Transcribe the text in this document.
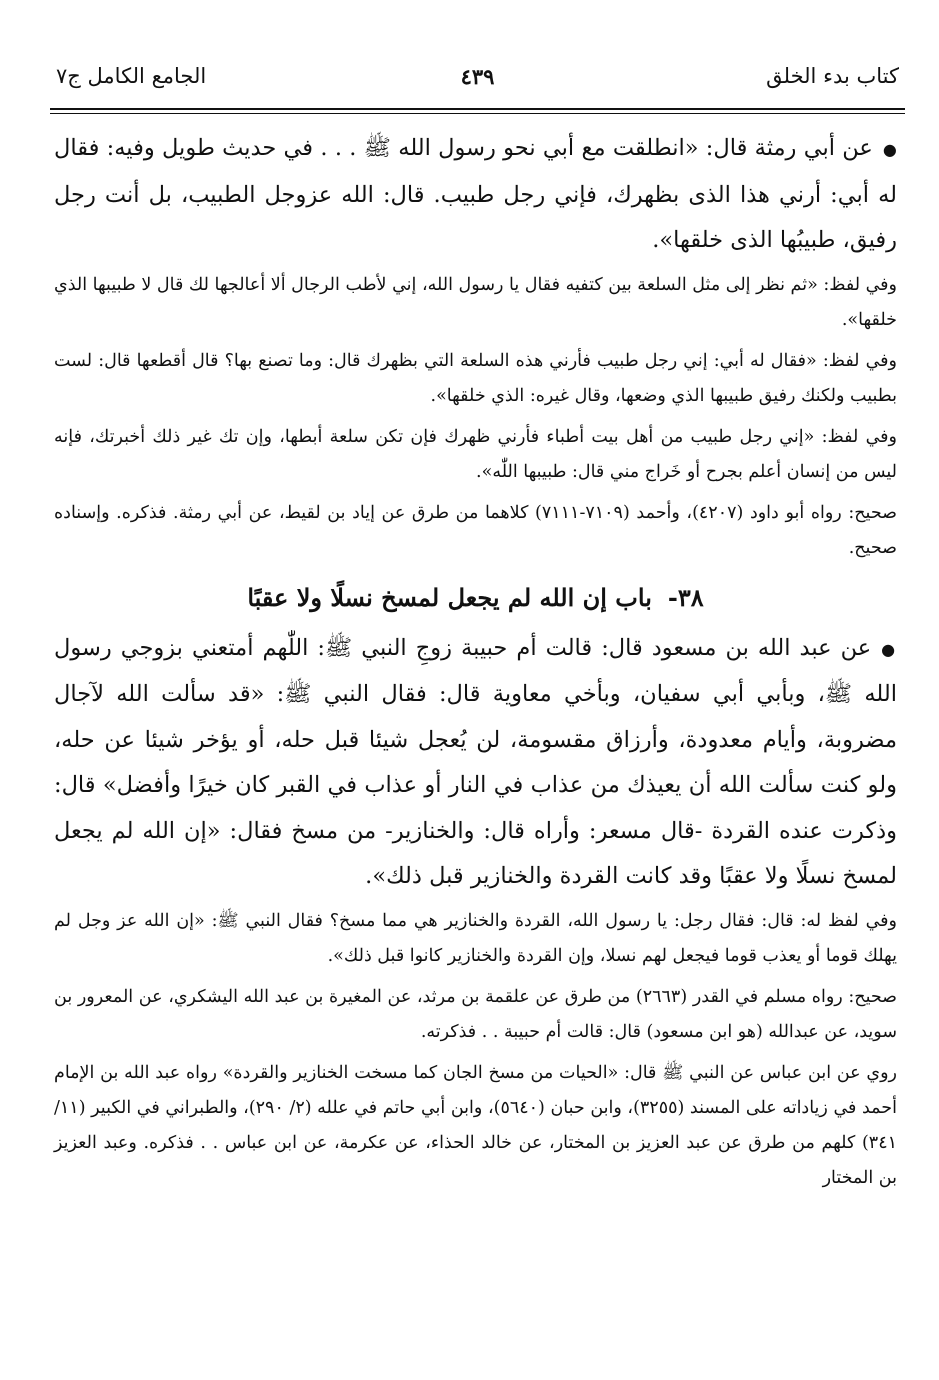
الجامع الكامل ج٧	٤٣٩	كتاب بدء الخلق

●عن أبي رمثة قال: «انطلقت مع أبي نحو رسول الله ﷺ . . . في حديث طويل وفيه: فقال له أبي: أرني هذا الذى بظهرك، فإني رجل طبيب. قال: الله عزوجل الطبيب، بل أنت رجل رفيق، طبيبُها الذى خلقها».

وفي لفظ: «ثم نظر إلى مثل السلعة بين كتفيه فقال يا رسول الله، إني لأطب الرجال ألا أعالجها لك قال لا طبيبها الذي خلقها».

وفي لفظ: «فقال له أبي: إني رجل طبيب فأرني هذه السلعة التي بظهرك قال: وما تصنع بها؟ قال أقطعها قال: لست بطبيب ولكنك رفيق طبيبها الذي وضعها، وقال غيره: الذي خلقها».

وفي لفظ: «إني رجل طبيب من أهل بيت أطباء فأرني ظهرك فإن تكن سلعة أبطها، وإن تك غير ذلك أخبرتك، فإنه ليس من إنسان أعلم بجرح أو خَراج مني قال: طبيبها اللّٰه».

صحيح: رواه أبو داود (٤٢٠٧)، وأحمد (٧١٠٩-٧١١١) كلاهما من طرق عن إياد بن لقيط، عن أبي رمثة. فذكره. وإسناده صحيح.

٣٨-باب إن الله لم يجعل لمسخ نسلًا ولا عقبًا

●عن عبد الله بن مسعود قال: قالت أم حبيبة زوجِ النبي ﷺ: اللّٰهم أمتعني بزوجي رسول الله ﷺ، وبأبي أبي سفيان، وبأخي معاوية قال: فقال النبي ﷺ: «قد سألت الله لآجال مضروبة، وأيام معدودة، وأرزاق مقسومة، لن يُعجل شيئا قبل حله، أو يؤخر شيئا عن حله، ولو كنت سألت الله أن يعيذك من عذاب في النار أو عذاب في القبر كان خيرًا وأفضل» قال: وذكرت عنده القردة -قال مسعر: وأراه قال: والخنازير- من مسخ فقال: «إن الله لم يجعل لمسخ نسلًا ولا عقبًا وقد كانت القردة والخنازير قبل ذلك».

وفي لفظ له: قال: فقال رجل: يا رسول الله، القردة والخنازير هي مما مسخ؟ فقال النبي ﷺ: «إن الله عز وجل لم يهلك قوما أو يعذب قوما فيجعل لهم نسلا، وإن القردة والخنازير كانوا قبل ذلك».

صحيح: رواه مسلم في القدر (٢٦٦٣) من طرق عن علقمة بن مرثد، عن المغيرة بن عبد الله اليشكري، عن المعرور بن سويد، عن عبدالله (هو ابن مسعود) قال: قالت أم حبيبة . . فذكرته.

روي عن ابن عباس عن النبي ﷺ قال: «الحيات من مسخ الجان كما مسخت الخنازير والقردة» رواه عبد الله بن الإمام أحمد في زياداته على المسند (٣٢٥٥)، وابن حبان (٥٦٤٠)، وابن أبي حاتم في علله (٢/ ٢٩٠)، والطبراني في الكبير (١١/ ٣٤١) كلهم من طرق عن عبد العزيز بن المختار، عن خالد الحذاء، عن عكرمة، عن ابن عباس . . فذكره. وعبد العزيز بن المختار
